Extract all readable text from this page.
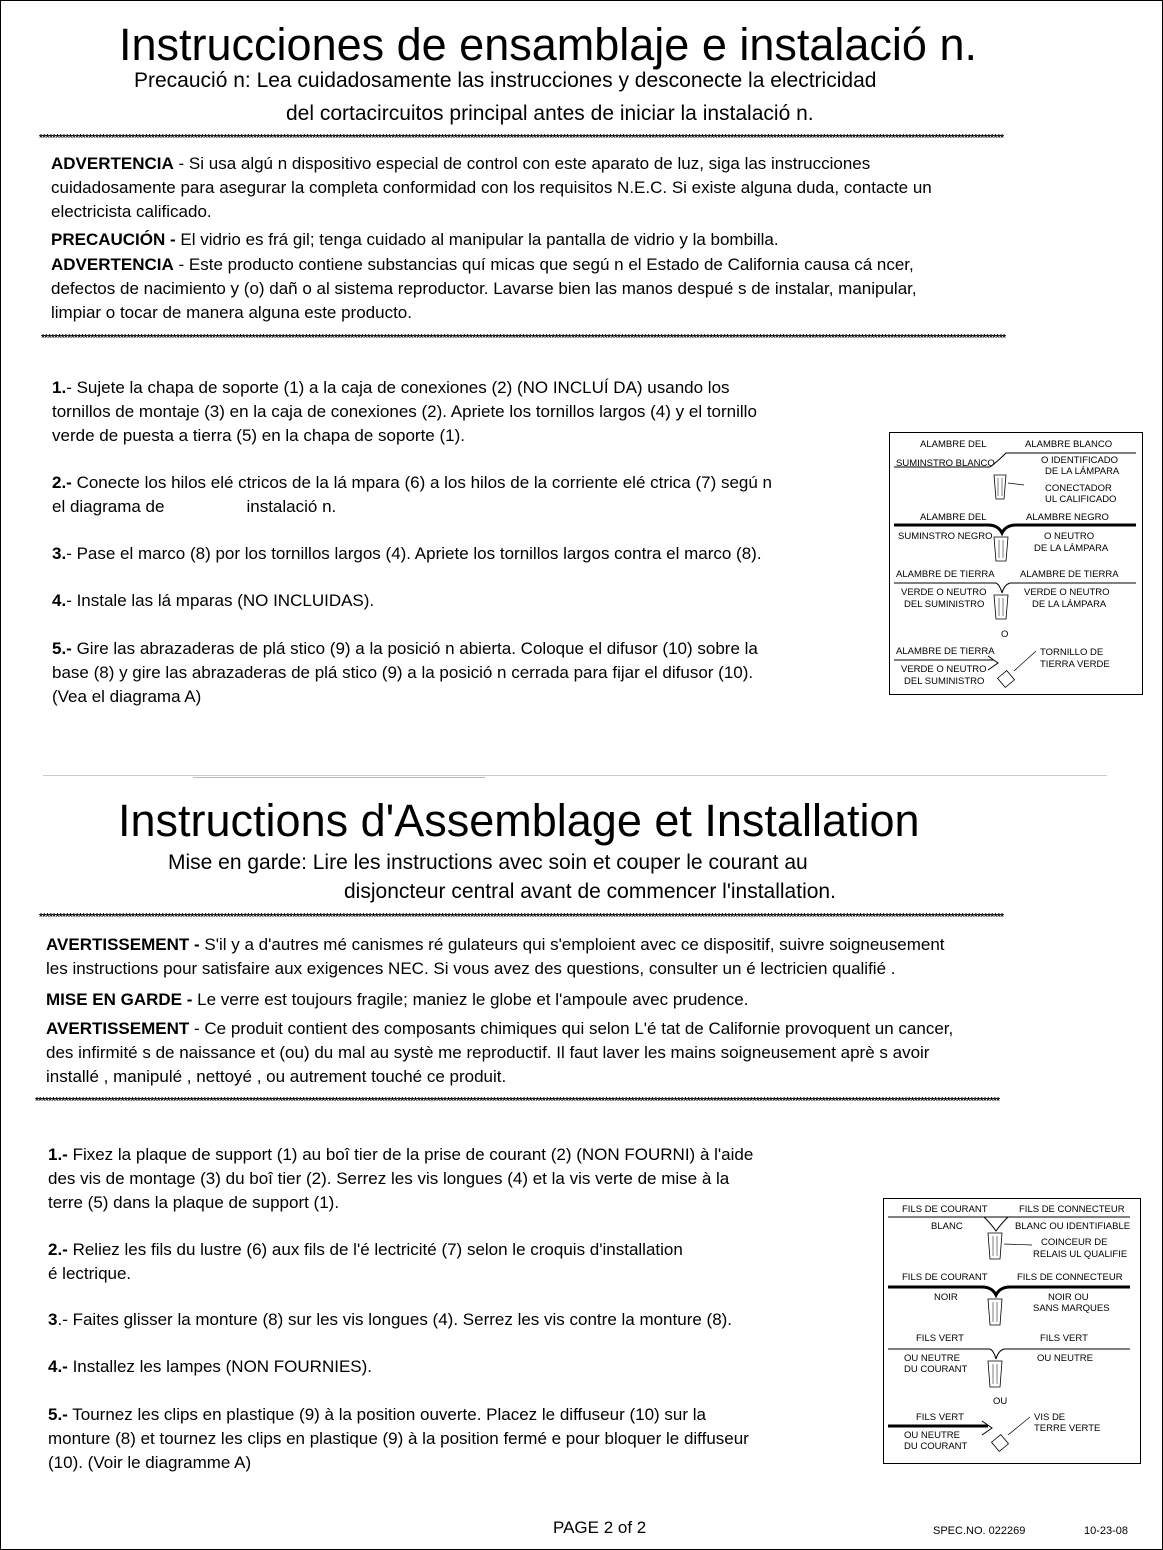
Instrucciones de ensamblaje e instalació n.
Precaució n: Lea cuidadosamente las instrucciones y desconecte la electricidad
del cortacircuitos principal antes de iniciar la instalació n.
*****************************************************************************************************************************************************************************************************************************************************************************************************
ADVERTENCIA - Si usa algú n dispositivo especial de control con este aparato de luz, siga las instrucciones
cuidadosamente para asegurar la completa conformidad con los requisitos N.E.C. Si existe alguna duda, contacte un
electricista calificado.
PRECAUCIÓN - El vidrio es frá gil; tenga cuidado al manipular la pantalla de vidrio y la bombilla.
ADVERTENCIA - Este producto contiene substancias quí micas que segú n el Estado de California causa cá ncer,
defectos de nacimiento y (o) dañ o al sistema reproductor. Lavarse bien las manos despué s de instalar, manipular,
limpiar o tocar de manera alguna este producto.
*****************************************************************************************************************************************************************************************************************************************************************************************************
1.- Sujete la chapa de soporte (1) a la caja de conexiones (2) (NO INCLUÍ DA) usando los
tornillos de montaje (3) en la caja de conexiones (2). Apriete los tornillos largos (4) y el tornillo
verde de puesta a tierra (5) en la chapa de soporte (1).
2.- Conecte los hilos elé ctricos de la lá mpara (6) a los hilos de la corriente elé ctrica (7) segú n
el diagrama de	instalació n.
3.- Pase el marco (8) por los tornillos largos (4). Apriete los tornillos largos contra el marco (8).
4.- Instale las lá mparas (NO INCLUIDAS).
5.- Gire las abrazaderas de plá stico (9) a la posició n abierta. Coloque el difusor (10) sobre la
base (8) y gire las abrazaderas de plá stico (9) a la posició n cerrada para fijar el difusor (10).
(Vea el diagrama A)
ALAMBRE DEL	ALAMBRE BLANCO
SUMINSTRO BLANCO	O IDENTIFICADO
DE LA LÁMPARA
CONECTADOR
UL CALIFICADO
ALAMBRE DEL	ALAMBRE NEGRO
SUMINSTRO NEGRO	O NEUTRO
DE LA LÁMPARA
ALAMBRE DE TIERRA	ALAMBRE DE TIERRA
VERDE O NEUTRO
DEL SUMINISTRO
VERDE O NEUTRO
DE LA LÁMPARA
O
ALAMBRE DE TIERRA	TORNILLO DE
TIERRA VERDE
VERDE O NEUTRO
DEL SUMINISTRO
Instructions d'Assemblage et Installation
Mise en garde: Lire les instructions avec soin et couper le courant au
disjoncteur central avant de commencer l'installation.
*****************************************************************************************************************************************************************************************************************************************************************************************************
AVERTISSEMENT - S'il y a d'autres mé canismes ré gulateurs qui s'emploient avec ce dispositif, suivre soigneusement
les instructions pour satisfaire aux exigences NEC. Si vous avez des questions, consulter un é lectricien qualifié .
MISE EN GARDE - Le verre est toujours fragile; maniez le globe et l'ampoule avec prudence.
AVERTISSEMENT - Ce produit contient des composants chimiques qui selon L'é tat de Californie provoquent un cancer,
des infirmité s de naissance et (ou) du mal au systè me reproductif. Il faut laver les mains soigneusement aprè s avoir
installé , manipulé , nettoyé , ou autrement touché ce produit.
*****************************************************************************************************************************************************************************************************************************************************************************************************
1.- Fixez la plaque de support (1) au boî tier de la prise de courant (2) (NON FOURNI) à l'aide
des vis de montage (3) du boî tier (2). Serrez les vis longues (4) et la vis verte de mise à la
terre (5) dans la plaque de support (1).
2.- Reliez les fils du lustre (6) aux fils de l'é lectricité (7) selon le croquis d'installation
é lectrique.
3.- Faites glisser la monture (8) sur les vis longues (4). Serrez les vis contre la monture (8).
4.- Installez les lampes (NON FOURNIES).
5.- Tournez les clips en plastique (9) à la position ouverte. Placez le diffuseur (10) sur la
monture (8) et tournez les clips en plastique (9) à la position fermé e pour bloquer le diffuseur
(10). (Voir le diagramme A)
FILS DE COURANT	FILS DE CONNECTEUR
BLANC	BLANC OU IDENTIFIABLE
COINCEUR DE
RELAIS UL QUALIFIE
FILS DE COURANT	FILS DE CONNECTEUR
NOIR	NOIR OU
SANS MARQUES
FILS VERT	FILS VERT
OU NEUTRE
DU COURANT
OU NEUTRE
OU
FILS VERT	VIS DE
TERRE VERTE
OU NEUTRE
DU COURANT
PAGE 2 of 2	SPEC.NO. 022269	10-23-08
